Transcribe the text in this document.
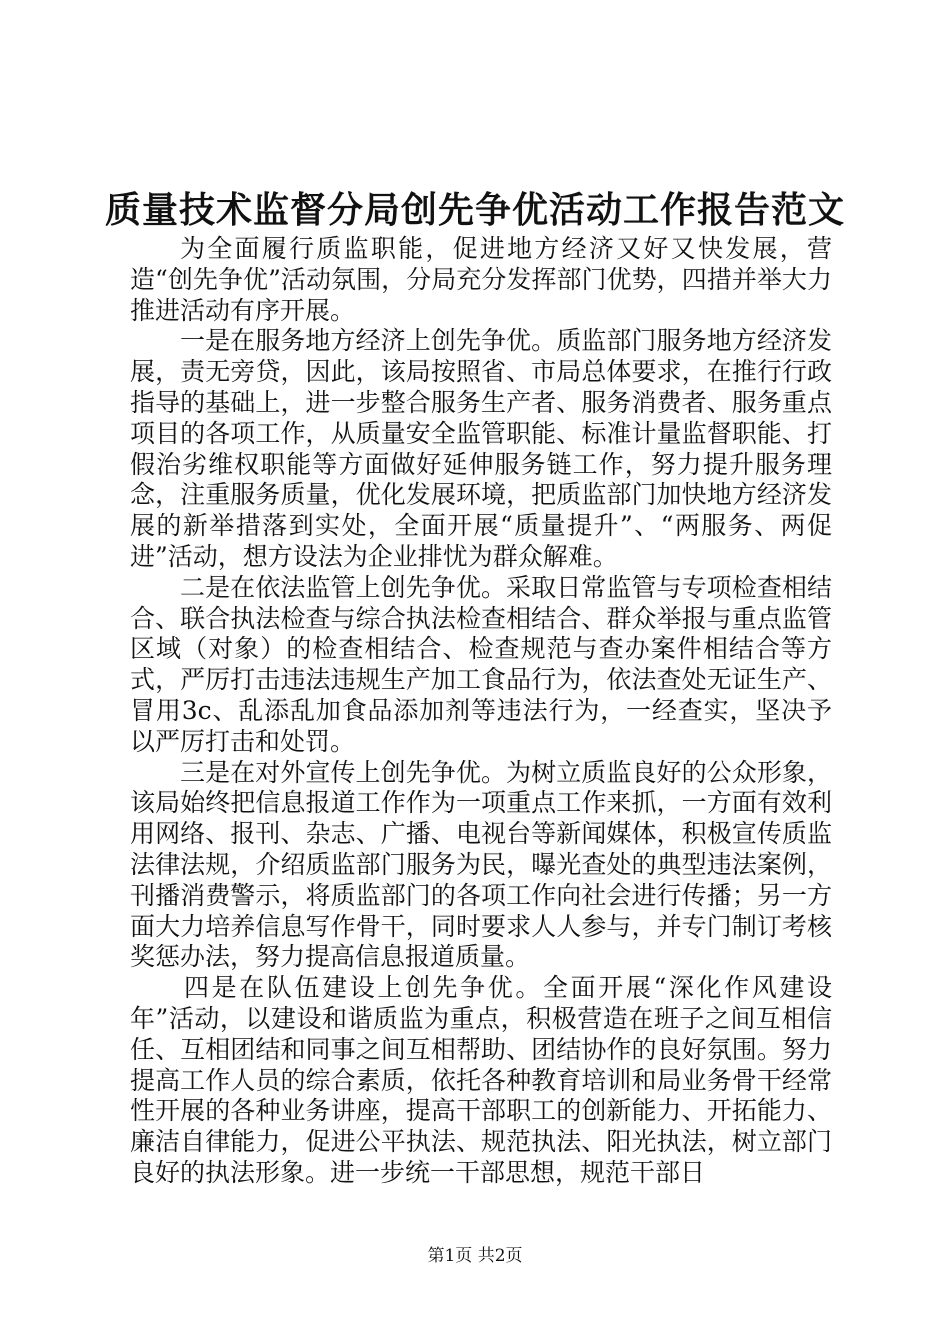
质量技术监督分局创先争优活动工作报告范文

为全面履行质监职能，促进地方经济又好又快发展，营造“创先争优”活动氛围，分局充分发挥部门优势，四措并举大力推进活动有序开展。

一是在服务地方经济上创先争优。质监部门服务地方经济发展，责无旁贷，因此，该局按照省、市局总体要求，在推行行政指导的基础上，进一步整合服务生产者、服务消费者、服务重点项目的各项工作，从质量安全监管职能、标准计量监督职能、打假治劣维权职能等方面做好延伸服务链工作，努力提升服务理念，注重服务质量，优化发展环境，把质监部门加快地方经济发展的新举措落到实处，全面开展“质量提升”、“两服务、两促进”活动，想方设法为企业排忧为群众解难。

二是在依法监管上创先争优。采取日常监管与专项检查相结合、联合执法检查与综合执法检查相结合、群众举报与重点监管区域（对象）的检查相结合、检查规范与查办案件相结合等方式，严厉打击违法违规生产加工食品行为，依法查处无证生产、冒用3c、乱添乱加食品添加剂等违法行为，一经查实，坚决予以严厉打击和处罚。

三是在对外宣传上创先争优。为树立质监良好的公众形象，该局始终把信息报道工作作为一项重点工作来抓，一方面有效利用网络、报刊、杂志、广播、电视台等新闻媒体，积极宣传质监法律法规，介绍质监部门服务为民，曝光查处的典型违法案例，刊播消费警示，将质监部门的各项工作向社会进行传播；另一方面大力培养信息写作骨干，同时要求人人参与，并专门制订考核奖惩办法，努力提高信息报道质量。

四是在队伍建设上创先争优。全面开展“深化作风建设年”活动，以建设和谐质监为重点，积极营造在班子之间互相信任、互相团结和同事之间互相帮助、团结协作的良好氛围。努力提高工作人员的综合素质，依托各种教育培训和局业务骨干经常性开展的各种业务讲座，提高干部职工的创新能力、开拓能力、廉洁自律能力，促进公平执法、规范执法、阳光执法，树立部门良好的执法形象。进一步统一干部思想，规范干部日

第1页 共2页
